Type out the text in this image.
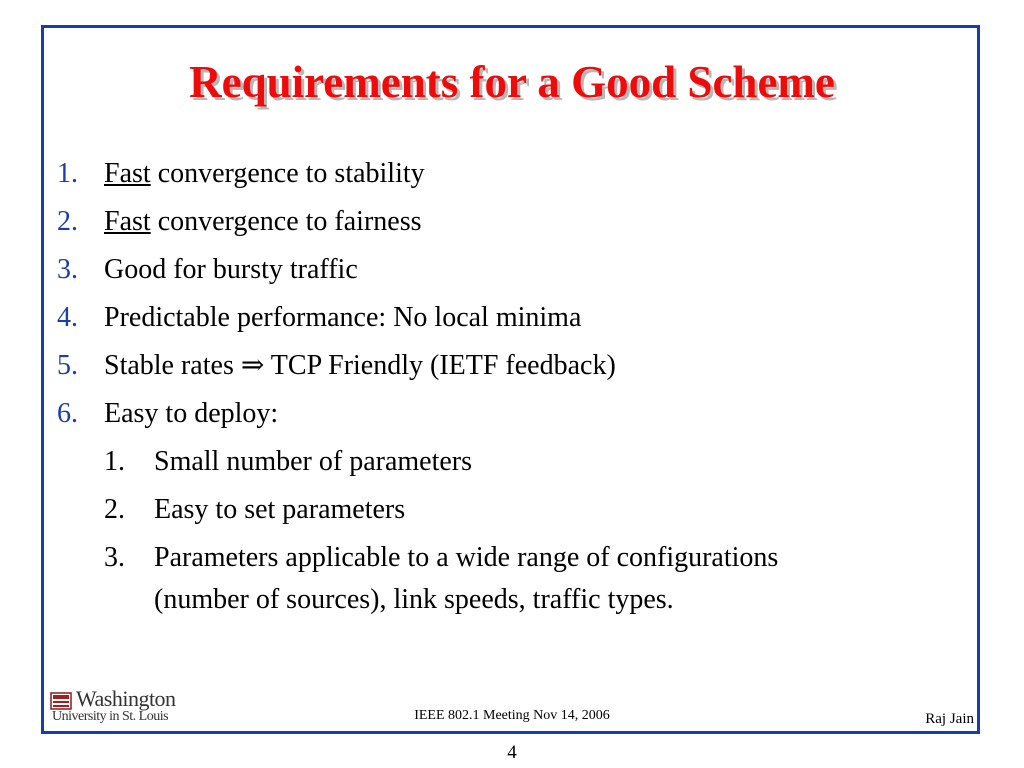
Requirements for a Good Scheme
1. Fast convergence to stability
2. Fast convergence to fairness
3. Good for bursty traffic
4. Predictable performance: No local minima
5. Stable rates ⇒ TCP Friendly (IETF feedback)
6. Easy to deploy:
1. Small number of parameters
2. Easy to set parameters
3. Parameters applicable to a wide range of configurations
(number of sources), link speeds, traffic types.
Washington
University in St. Louis	IEEE 802.1 Meeting Nov 14, 2006	Raj Jain
4
